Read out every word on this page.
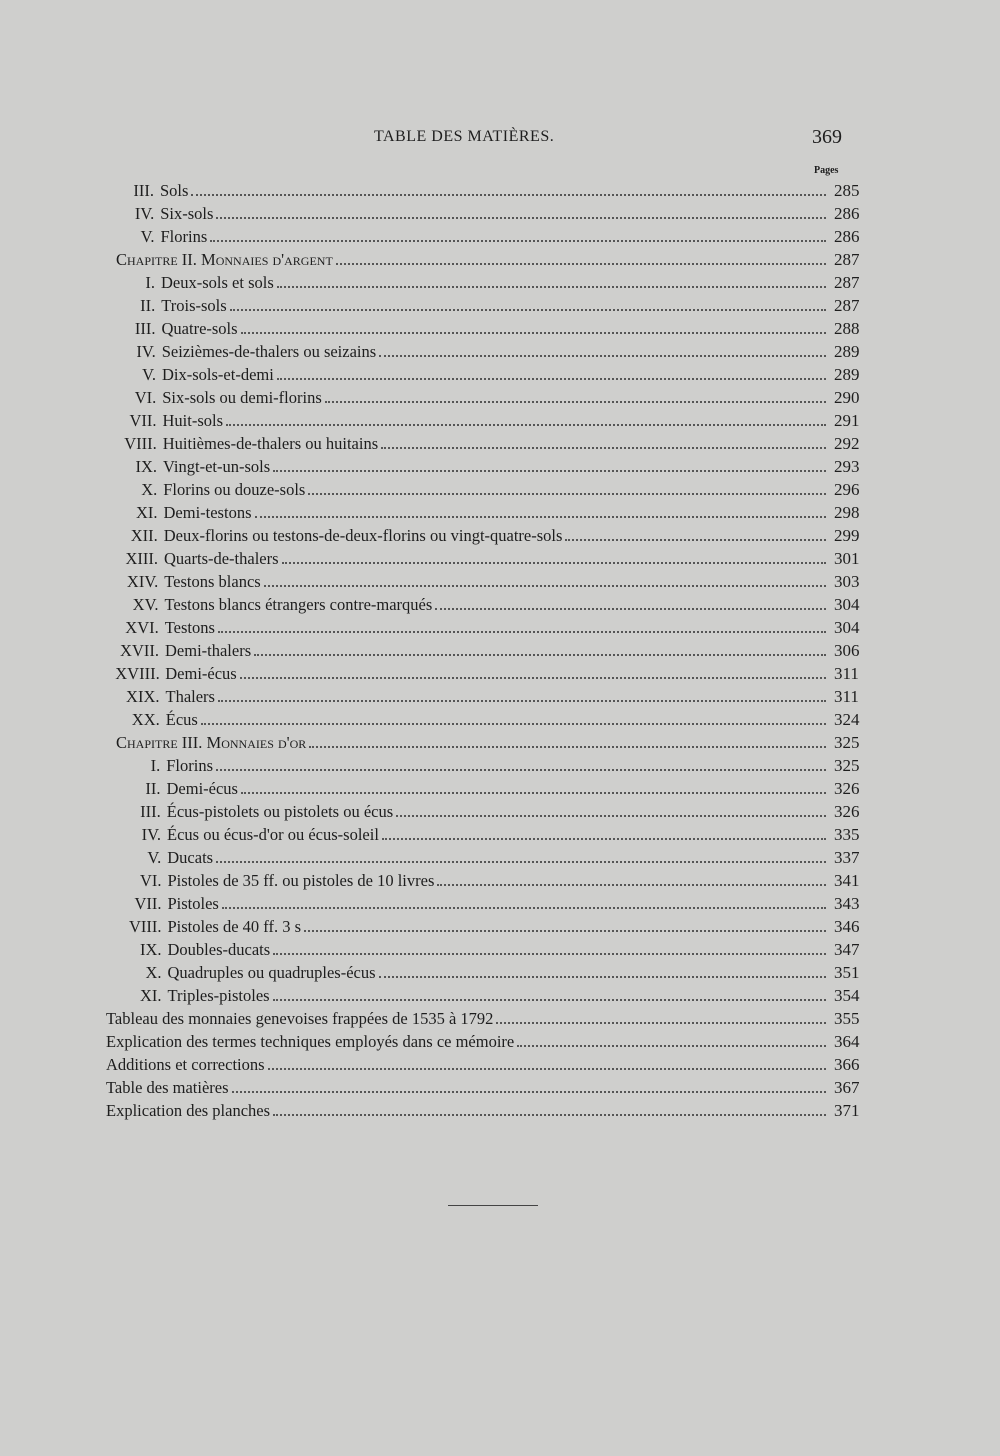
TABLE DES MATIÈRES.	369
Pages
III. Sols	285
IV. Six-sols	286
V. Florins	286
Chapitre II. Monnaies d'argent	287
I. Deux-sols et sols	287
II. Trois-sols	287
III. Quatre-sols	288
IV. Seizièmes-de-thalers ou seizains	289
V. Dix-sols-et-demi	289
VI. Six-sols ou demi-florins	290
VII. Huit-sols	291
VIII. Huitièmes-de-thalers ou huitains	292
IX. Vingt-et-un-sols	293
X. Florins ou douze-sols	296
XI. Demi-testons	298
XII. Deux-florins ou testons-de-deux-florins ou vingt-quatre-sols	299
XIII. Quarts-de-thalers	301
XIV. Testons blancs	303
XV. Testons blancs étrangers contre-marqués	304
XVI. Testons	304
XVII. Demi-thalers	306
XVIII. Demi-écus	311
XIX. Thalers	311
XX. Écus	324
Chapitre III. Monnaies d'or	325
I. Florins	325
II. Demi-écus	326
III. Écus-pistolets ou pistolets ou écus	326
IV. Écus ou écus-d'or ou écus-soleil	335
V. Ducats	337
VI. Pistoles de 35 ff. ou pistoles de 10 livres	341
VII. Pistoles	343
VIII. Pistoles de 40 ff. 3 s	346
IX. Doubles-ducats	347
X. Quadruples ou quadruples-écus	351
XI. Triples-pistoles	354
Tableau des monnaies genevoises frappées de 1535 à 1792	355
Explication des termes techniques employés dans ce mémoire	364
Additions et corrections	366
Table des matières	367
Explication des planches	371
